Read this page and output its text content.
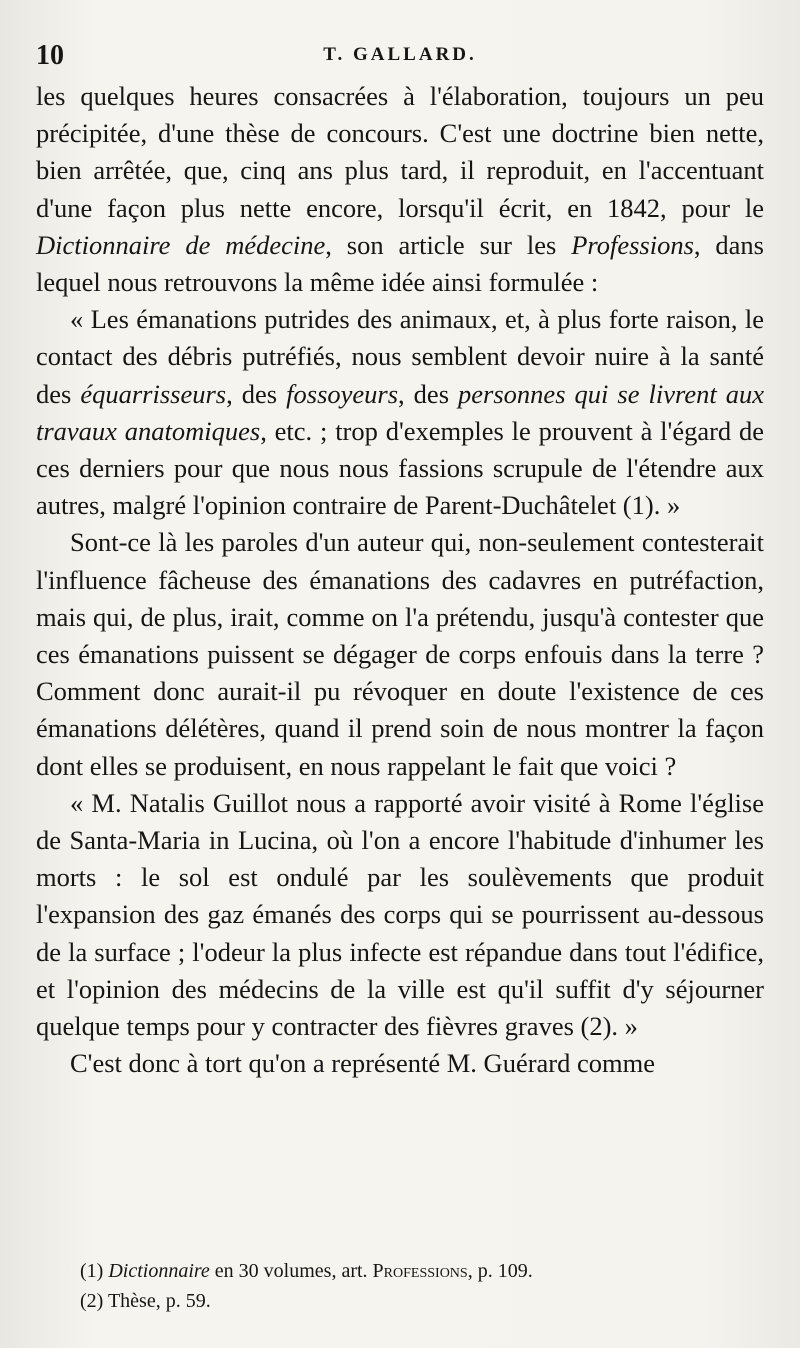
10	T. GALLARD.

les quelques heures consacrées à l'élaboration, toujours un peu précipitée, d'une thèse de concours. C'est une doctrine bien nette, bien arrêtée, que, cinq ans plus tard, il reproduit, en l'accentuant d'une façon plus nette encore, lorsqu'il écrit, en 1842, pour le Dictionnaire de médecine, son article sur les Professions, dans lequel nous retrouvons la même idée ainsi formulée :

« Les émanations putrides des animaux, et, à plus forte raison, le contact des débris putréfiés, nous semblent devoir nuire à la santé des équarrisseurs, des fossoyeurs, des personnes qui se livrent aux travaux anatomiques, etc. ; trop d'exemples le prouvent à l'égard de ces derniers pour que nous nous fassions scrupule de l'étendre aux autres, malgré l'opinion contraire de Parent-Duchâtelet (1). »

Sont-ce là les paroles d'un auteur qui, non-seulement contesterait l'influence fâcheuse des émanations des cadavres en putréfaction, mais qui, de plus, irait, comme on l'a prétendu, jusqu'à contester que ces émanations puissent se dégager de corps enfouis dans la terre ? Comment donc aurait-il pu révoquer en doute l'existence de ces émanations délétères, quand il prend soin de nous montrer la façon dont elles se produisent, en nous rappelant le fait que voici ?

« M. Natalis Guillot nous a rapporté avoir visité à Rome l'église de Santa-Maria in Lucina, où l'on a encore l'habitude d'inhumer les morts : le sol est ondulé par les soulèvements que produit l'expansion des gaz émanés des corps qui se pourrissent au-dessous de la surface ; l'odeur la plus infecte est répandue dans tout l'édifice, et l'opinion des médecins de la ville est qu'il suffit d'y séjourner quelque temps pour y contracter des fièvres graves (2). »

C'est donc à tort qu'on a représenté M. Guérard comme

(1) Dictionnaire en 30 volumes, art. Professions, p. 109.

(2) Thèse, p. 59.
